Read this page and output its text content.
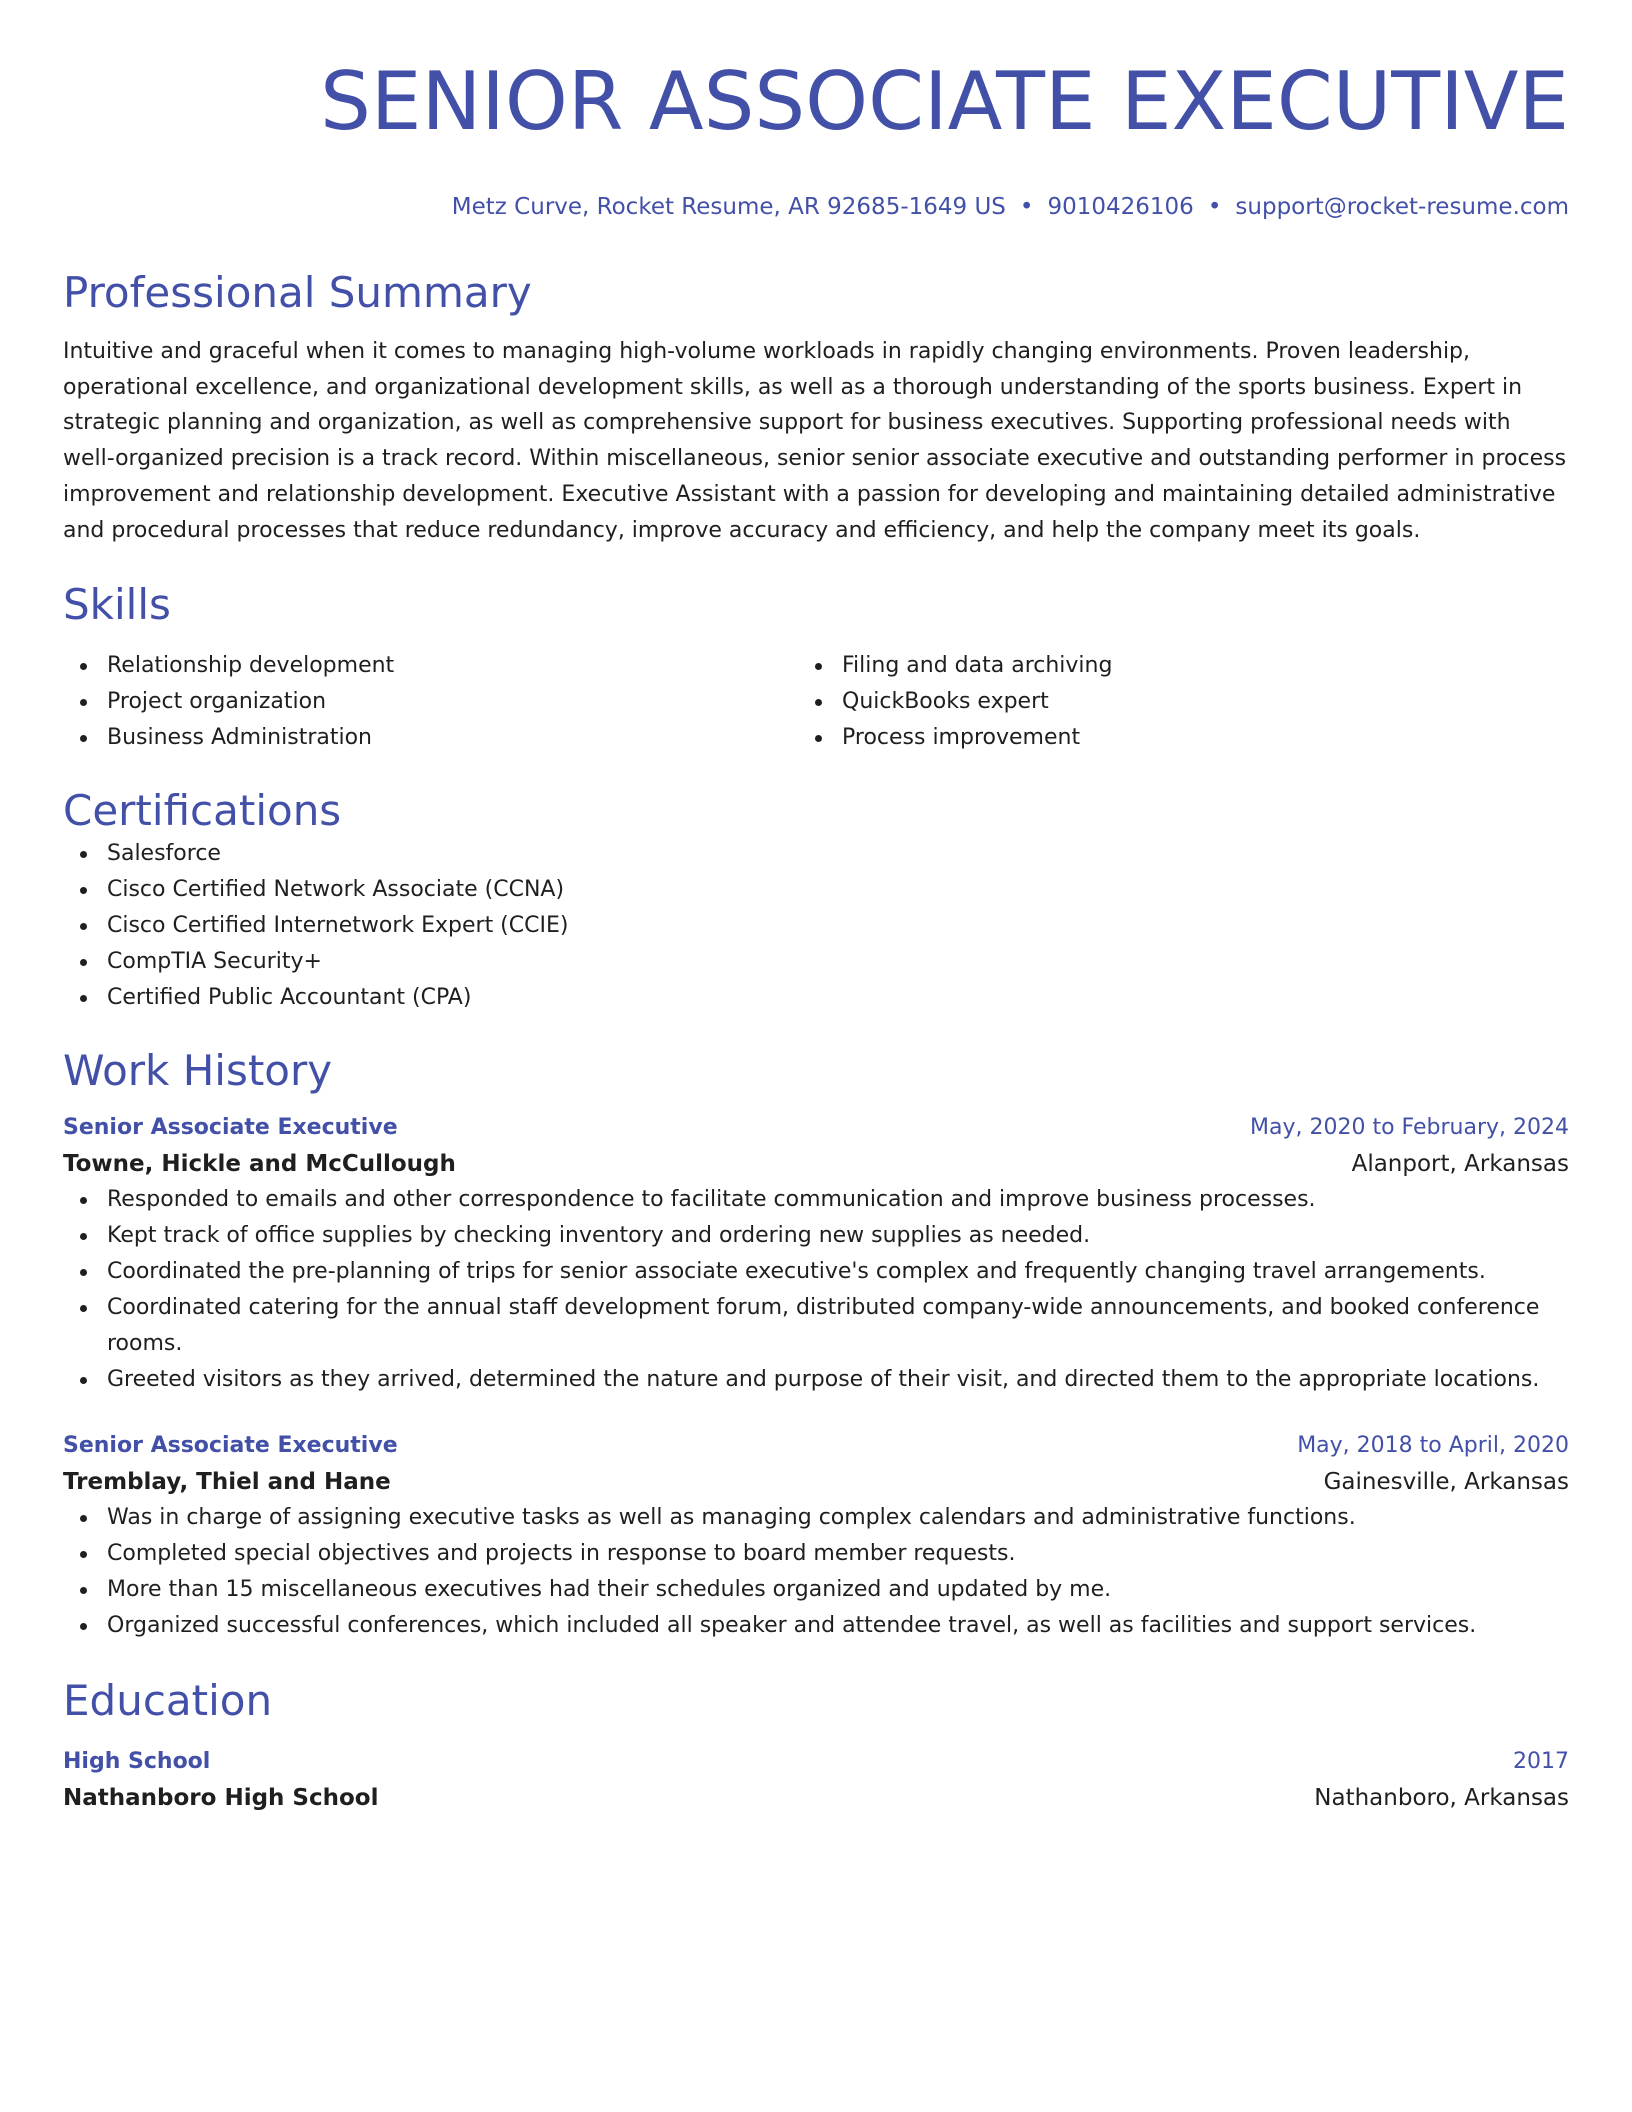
SENIOR ASSOCIATE EXECUTIVE
Metz Curve, Rocket Resume, AR 92685-1649 US • 9010426106 • support@rocket-resume.com
Professional Summary
Intuitive and graceful when it comes to managing high-volume workloads in rapidly changing environments. Proven leadership, operational excellence, and organizational development skills, as well as a thorough understanding of the sports business. Expert in strategic planning and organization, as well as comprehensive support for business executives. Supporting professional needs with well-organized precision is a track record. Within miscellaneous, senior senior associate executive and outstanding performer in process improvement and relationship development. Executive Assistant with a passion for developing and maintaining detailed administrative and procedural processes that reduce redundancy, improve accuracy and efficiency, and help the company meet its goals.
Skills
Relationship development
Project organization
Business Administration
Filing and data archiving
QuickBooks expert
Process improvement
Certifications
Salesforce
Cisco Certified Network Associate (CCNA)
Cisco Certified Internetwork Expert (CCIE)
CompTIA Security+
Certified Public Accountant (CPA)
Work History
Senior Associate Executive	May, 2020 to February, 2024
Towne, Hickle and McCullough	Alanport, Arkansas
Responded to emails and other correspondence to facilitate communication and improve business processes.
Kept track of office supplies by checking inventory and ordering new supplies as needed.
Coordinated the pre-planning of trips for senior associate executive's complex and frequently changing travel arrangements.
Coordinated catering for the annual staff development forum, distributed company-wide announcements, and booked conference rooms.
Greeted visitors as they arrived, determined the nature and purpose of their visit, and directed them to the appropriate locations.
Senior Associate Executive	May, 2018 to April, 2020
Tremblay, Thiel and Hane	Gainesville, Arkansas
Was in charge of assigning executive tasks as well as managing complex calendars and administrative functions.
Completed special objectives and projects in response to board member requests.
More than 15 miscellaneous executives had their schedules organized and updated by me.
Organized successful conferences, which included all speaker and attendee travel, as well as facilities and support services.
Education
High School	2017
Nathanboro High School	Nathanboro, Arkansas
